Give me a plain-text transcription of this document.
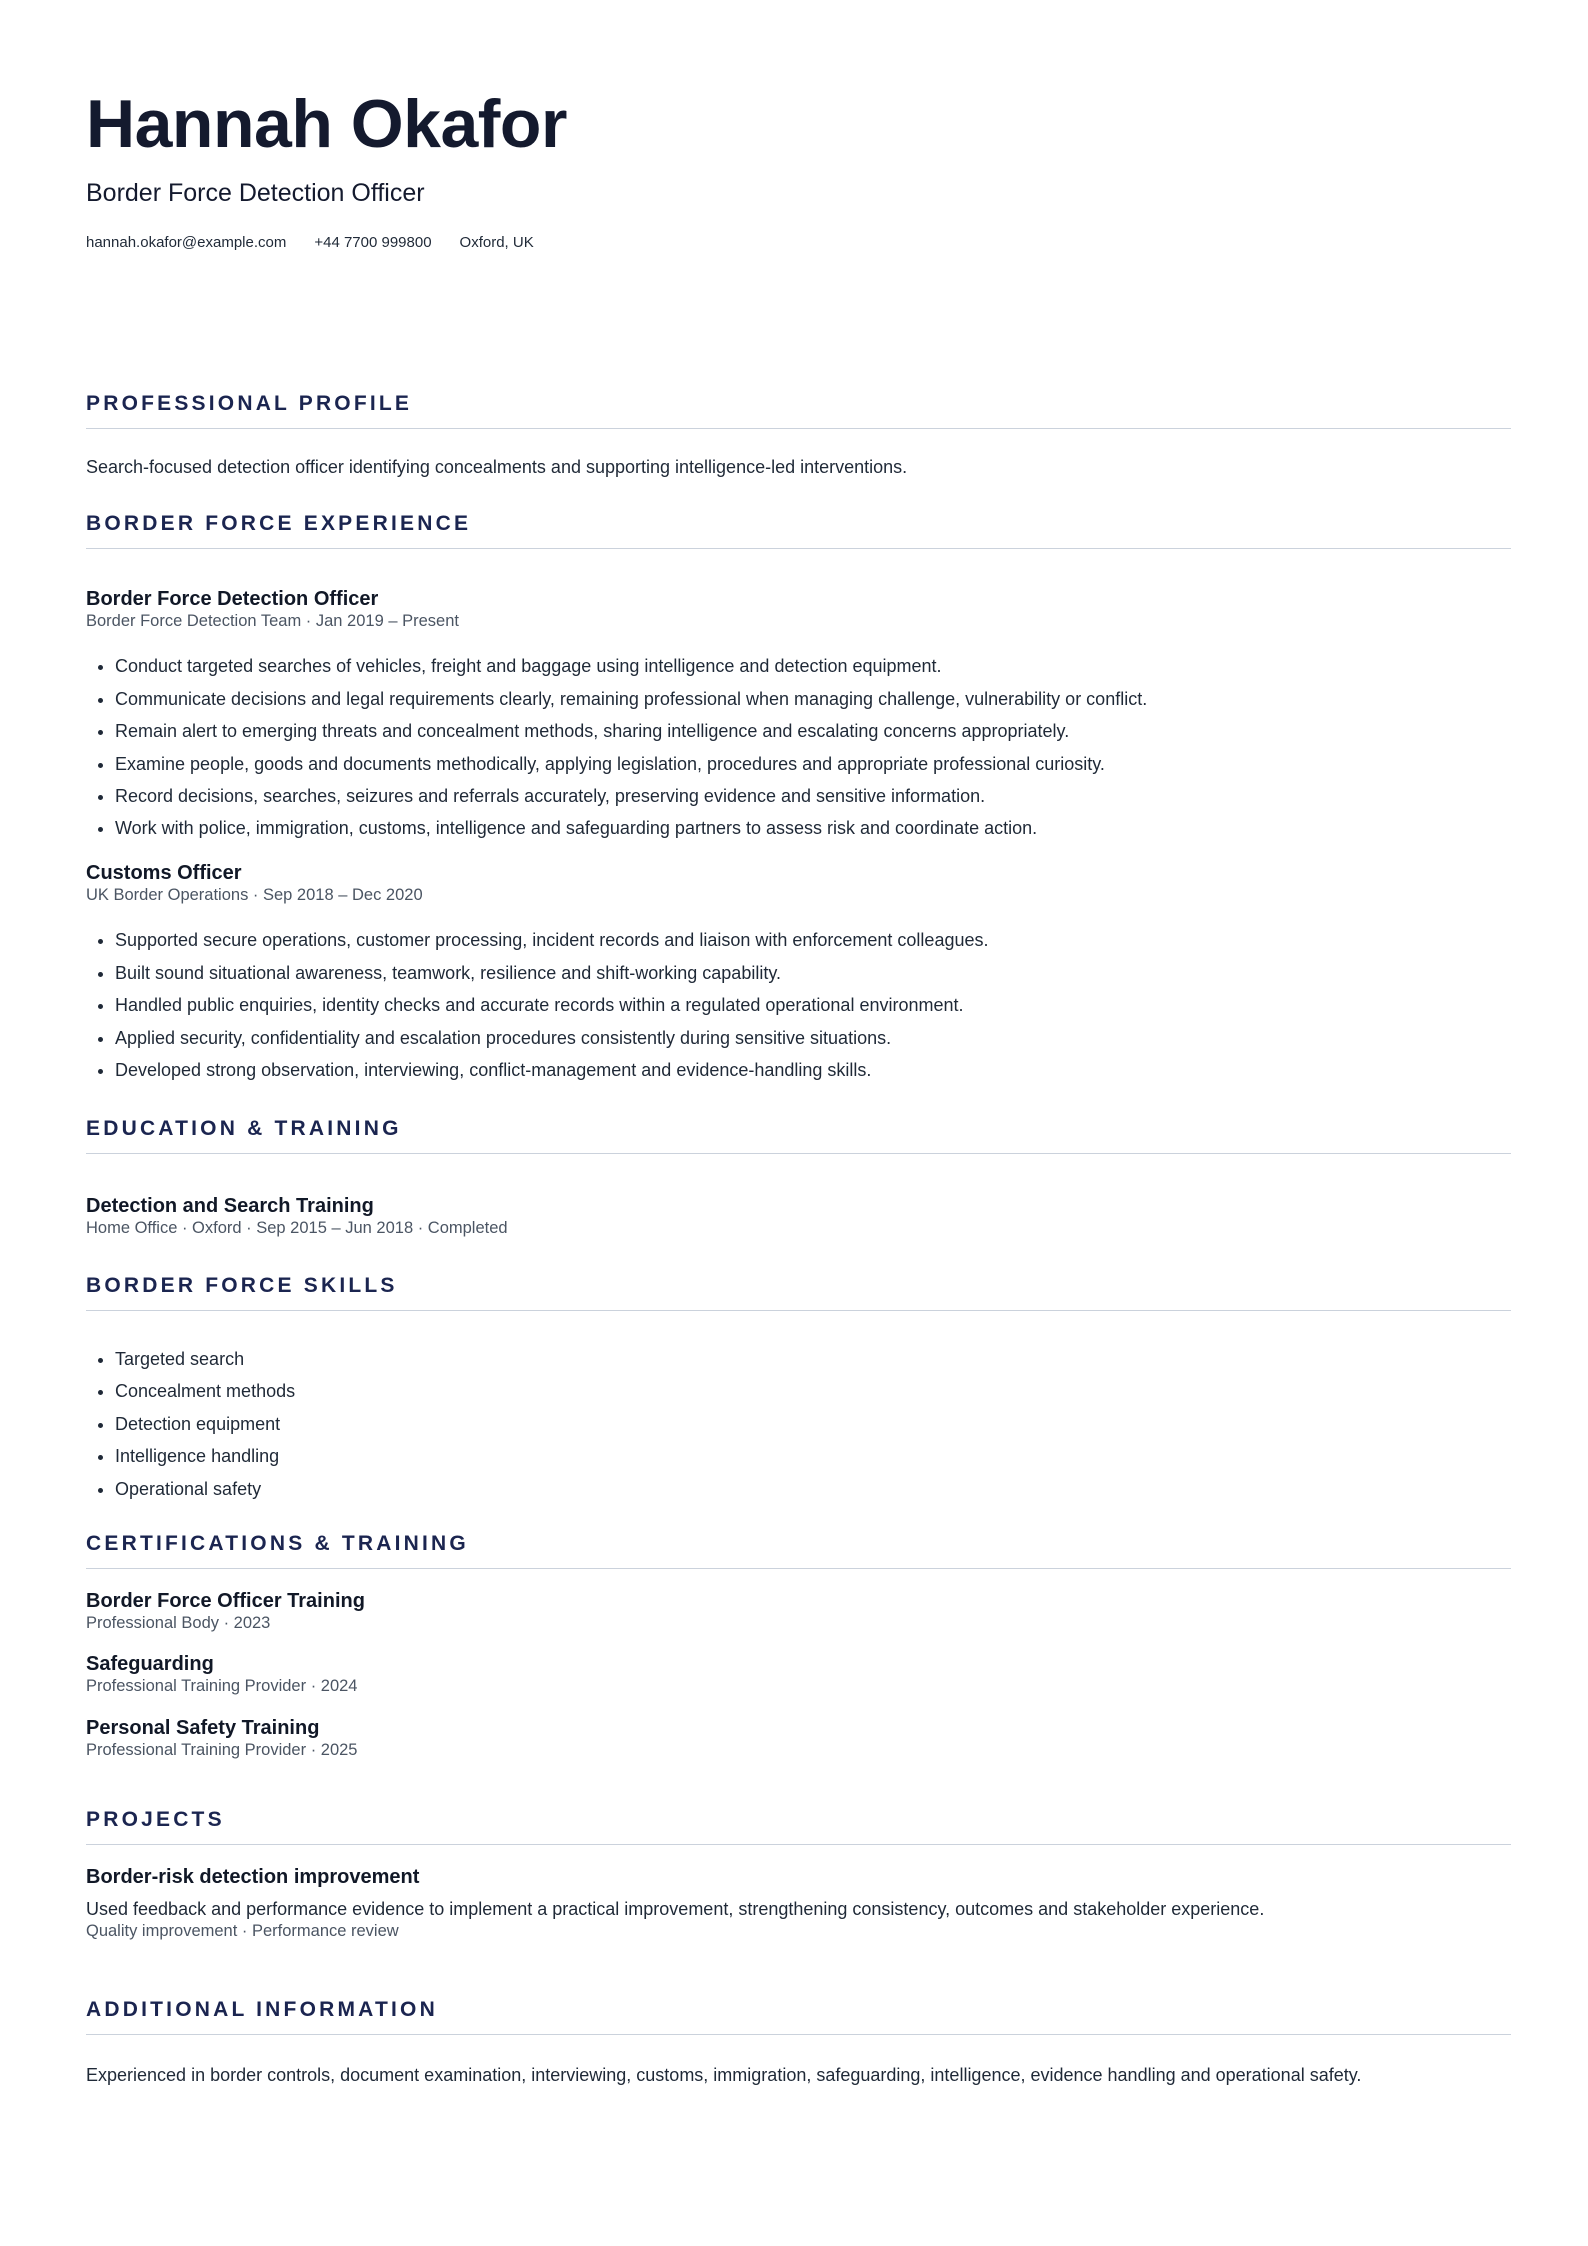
Hannah Okafor
Border Force Detection Officer
hannah.okafor@example.com +44 7700 999800 Oxford, UK
PROFESSIONAL PROFILE
Search-focused detection officer identifying concealments and supporting intelligence-led interventions.
BORDER FORCE EXPERIENCE
Border Force Detection Officer
Border Force Detection Team · Jan 2019 – Present
• Conduct targeted searches of vehicles, freight and baggage using intelligence and detection equipment.
• Communicate decisions and legal requirements clearly, remaining professional when managing challenge, vulnerability or conflict.
• Remain alert to emerging threats and concealment methods, sharing intelligence and escalating concerns appropriately.
• Examine people, goods and documents methodically, applying legislation, procedures and appropriate professional curiosity.
• Record decisions, searches, seizures and referrals accurately, preserving evidence and sensitive information.
• Work with police, immigration, customs, intelligence and safeguarding partners to assess risk and coordinate action.
Customs Officer
UK Border Operations · Sep 2018 – Dec 2020
• Supported secure operations, customer processing, incident records and liaison with enforcement colleagues.
• Built sound situational awareness, teamwork, resilience and shift-working capability.
• Handled public enquiries, identity checks and accurate records within a regulated operational environment.
• Applied security, confidentiality and escalation procedures consistently during sensitive situations.
• Developed strong observation, interviewing, conflict-management and evidence-handling skills.
EDUCATION & TRAINING
Detection and Search Training
Home Office · Oxford · Sep 2015 – Jun 2018 · Completed
BORDER FORCE SKILLS
• Targeted search
• Concealment methods
• Detection equipment
• Intelligence handling
• Operational safety
CERTIFICATIONS & TRAINING
Border Force Officer Training
Professional Body · 2023
Safeguarding
Professional Training Provider · 2024
Personal Safety Training
Professional Training Provider · 2025
PROJECTS
Border-risk detection improvement
Used feedback and performance evidence to implement a practical improvement, strengthening consistency, outcomes and stakeholder experience.
Quality improvement · Performance review
ADDITIONAL INFORMATION
Experienced in border controls, document examination, interviewing, customs, immigration, safeguarding, intelligence, evidence handling and operational safety.
